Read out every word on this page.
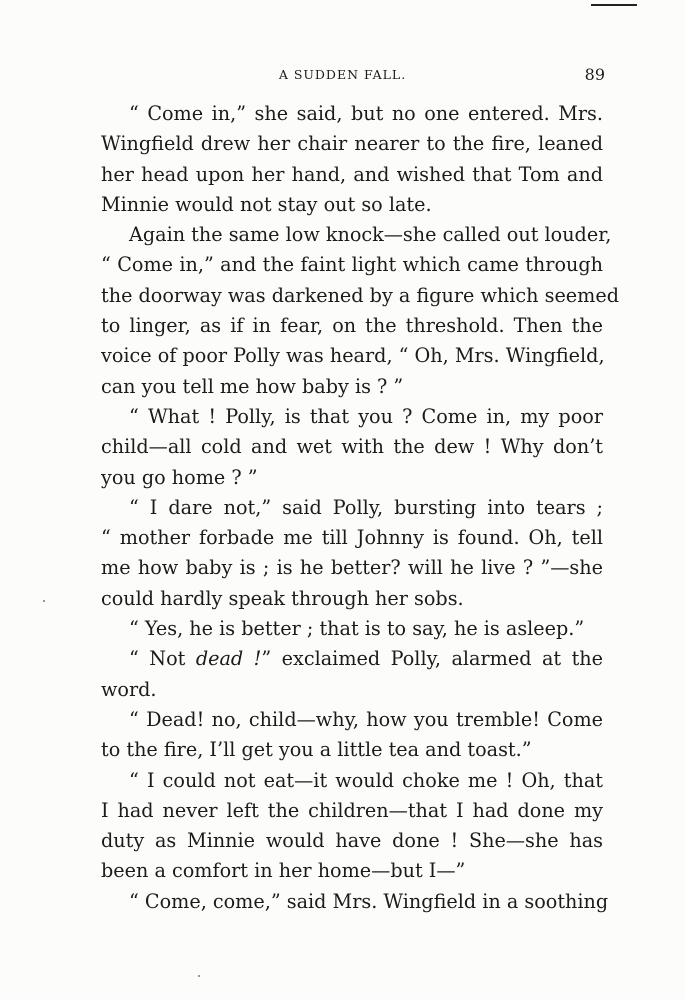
A SUDDEN FALL.	89
“ Come in,” she said, but no one entered. Mrs.
Wingfield drew her chair nearer to the fire, leaned
her head upon her hand, and wished that Tom and
Minnie would not stay out so late.
Again the same low knock—she called out louder,
“ Come in,” and the faint light which came through
the doorway was darkened by a figure which seemed
to linger, as if in fear, on the threshold. Then the
voice of poor Polly was heard, “ Oh, Mrs. Wingfield,
can you tell me how baby is ? ”
“ What ! Polly, is that you ? Come in, my poor
child—all cold and wet with the dew ! Why don’t
you go home ? ”
“ I dare not,” said Polly, bursting into tears ;
“ mother forbade me till Johnny is found. Oh, tell
me how baby is ; is he better? will he live ? ”—she
could hardly speak through her sobs.
“ Yes, he is better ; that is to say, he is asleep.”
“ Not dead !” exclaimed Polly, alarmed at the
word.
“ Dead! no, child—why, how you tremble! Come
to the fire, I’ll get you a little tea and toast.”
“ I could not eat—it would choke me ! Oh, that
I had never left the children—that I had done my
duty as Minnie would have done ! She—she has
been a comfort in her home—but I—”
“ Come, come,” said Mrs. Wingfield in a soothing
